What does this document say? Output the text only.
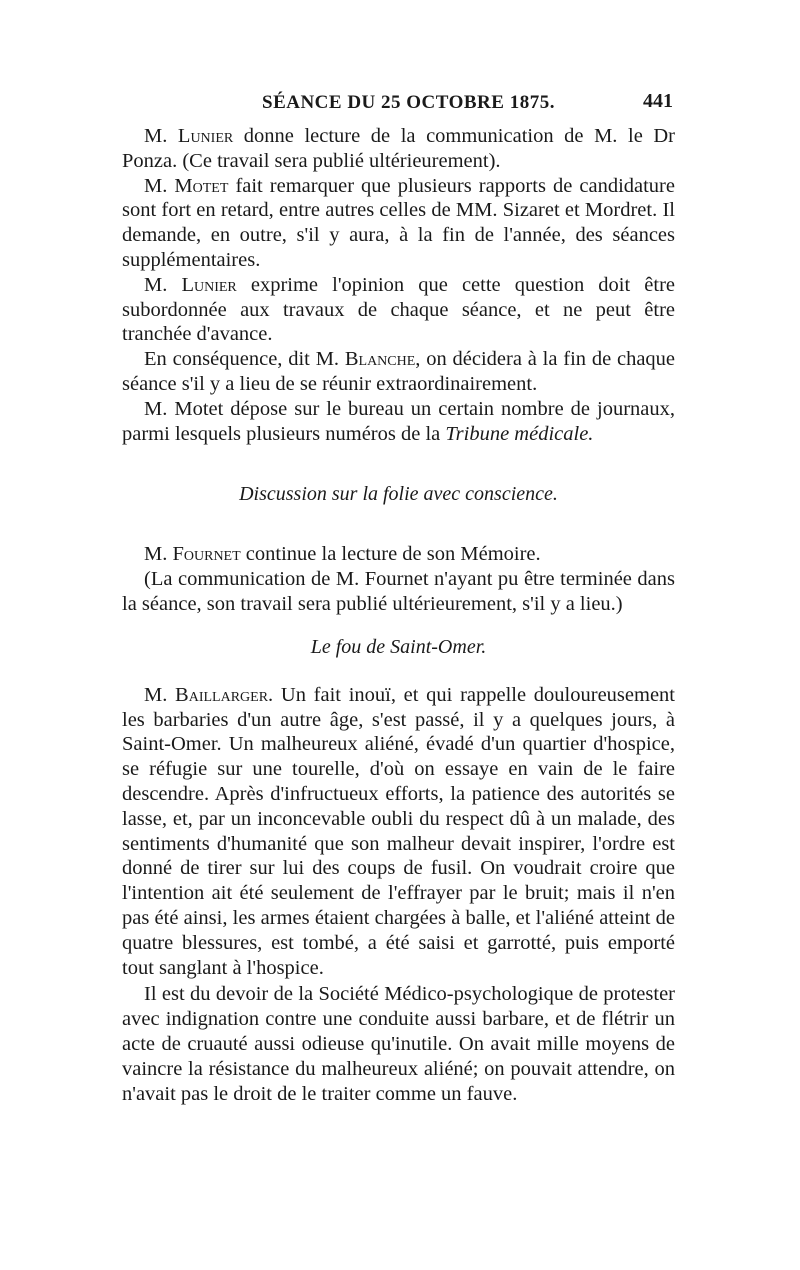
SÉANCE DU 25 OCTOBRE 1875.	441

M. Lunier donne lecture de la communication de M. le Dr Ponza. (Ce travail sera publié ultérieurement).

M. Motet fait remarquer que plusieurs rapports de candidature sont fort en retard, entre autres celles de MM. Sizaret et Mordret. Il demande, en outre, s'il y aura, à la fin de l'année, des séances supplémentaires.

M. Lunier exprime l'opinion que cette question doit être subordonnée aux travaux de chaque séance, et ne peut être tranchée d'avance.

En conséquence, dit M. Blanche, on décidera à la fin de chaque séance s'il y a lieu de se réunir extraordinairement.

M. Motet dépose sur le bureau un certain nombre de journaux, parmi lesquels plusieurs numéros de la Tribune médicale.

Discussion sur la folie avec conscience.

M. Fournet continue la lecture de son Mémoire.

(La communication de M. Fournet n'ayant pu être terminée dans la séance, son travail sera publié ultérieurement, s'il y a lieu.)

Le fou de Saint-Omer.

M. Baillarger. Un fait inouï, et qui rappelle douloureusement les barbaries d'un autre âge, s'est passé, il y a quelques jours, à Saint-Omer. Un malheureux aliéné, évadé d'un quartier d'hospice, se réfugie sur une tourelle, d'où on essaye en vain de le faire descendre. Après d'infructueux efforts, la patience des autorités se lasse, et, par un inconcevable oubli du respect dû à un malade, des sentiments d'humanité que son malheur devait inspirer, l'ordre est donné de tirer sur lui des coups de fusil. On voudrait croire que l'intention ait été seulement de l'effrayer par le bruit; mais il n'en pas été ainsi, les armes étaient chargées à balle, et l'aliéné atteint de quatre blessures, est tombé, a été saisi et garrotté, puis emporté tout sanglant à l'hospice.

Il est du devoir de la Société Médico-psychologique de protester avec indignation contre une conduite aussi barbare, et de flétrir un acte de cruauté aussi odieuse qu'inutile. On avait mille moyens de vaincre la résistance du malheureux aliéné; on pouvait attendre, on n'avait pas le droit de le traiter comme un fauve.
